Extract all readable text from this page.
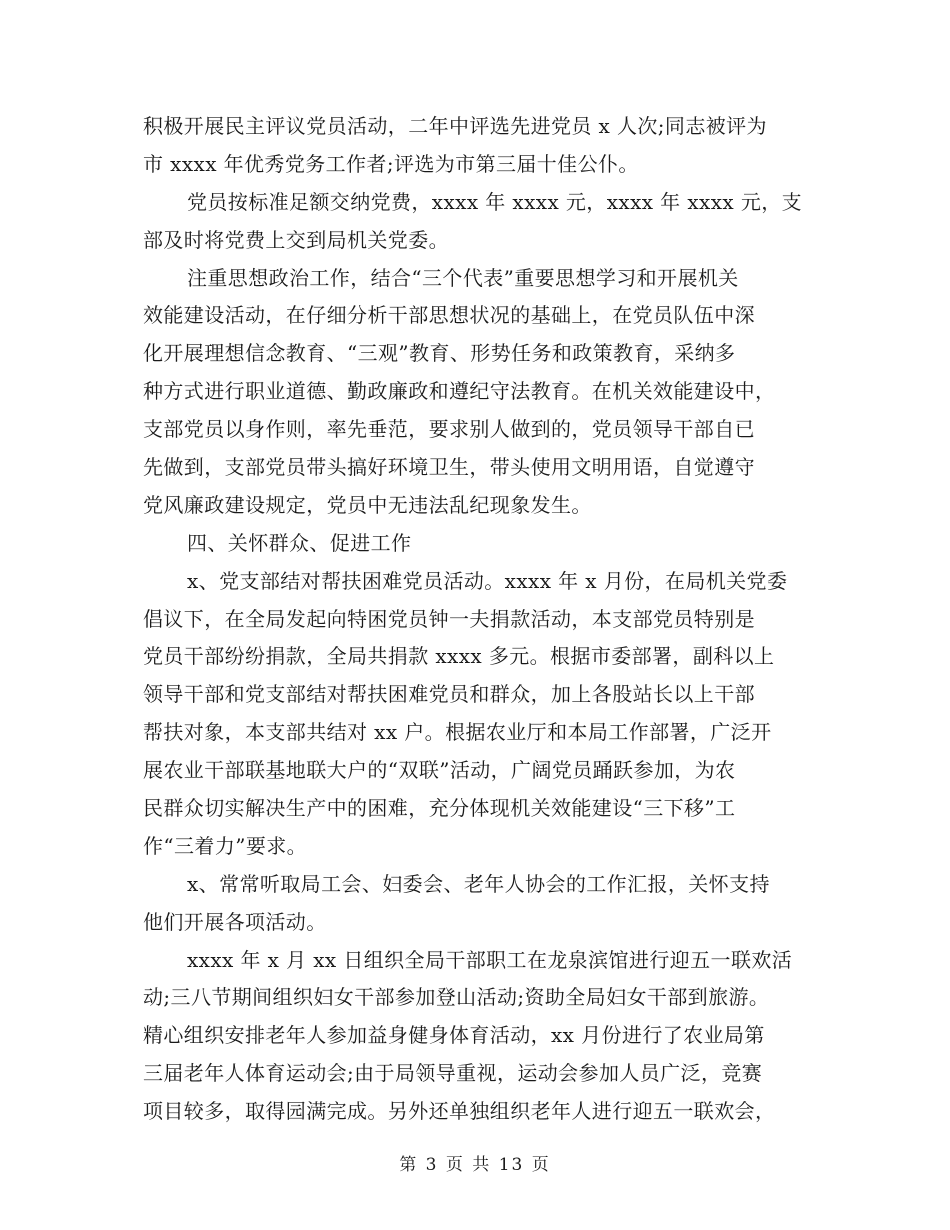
积极开展民主评议党员活动，二年中评选先进党员 x 人次;同志被评为
市 xxxx 年优秀党务工作者;评选为市第三届十佳公仆。
党员按标准足额交纳党费，xxxx 年 xxxx 元，xxxx 年 xxxx 元，支
部及时将党费上交到局机关党委。
注重思想政治工作，结合“三个代表”重要思想学习和开展机关
效能建设活动，在仔细分析干部思想状况的基础上，在党员队伍中深
化开展理想信念教育、“三观”教育、形势任务和政策教育，采纳多
种方式进行职业道德、勤政廉政和遵纪守法教育。在机关效能建设中，
支部党员以身作则，率先垂范，要求别人做到的，党员领导干部自已
先做到，支部党员带头搞好环境卫生，带头使用文明用语，自觉遵守
党风廉政建设规定，党员中无违法乱纪现象发生。
四、关怀群众、促进工作
x、党支部结对帮扶困难党员活动。xxxx 年 x 月份，在局机关党委
倡议下，在全局发起向特困党员钟一夫捐款活动，本支部党员特别是
党员干部纷纷捐款，全局共捐款 xxxx 多元。根据市委部署，副科以上
领导干部和党支部结对帮扶困难党员和群众，加上各股站长以上干部
帮扶对象，本支部共结对 xx 户。根据农业厅和本局工作部署，广泛开
展农业干部联基地联大户的“双联”活动，广阔党员踊跃参加，为农
民群众切实解决生产中的困难，充分体现机关效能建设“三下移”工
作“三着力”要求。
x、常常听取局工会、妇委会、老年人协会的工作汇报，关怀支持
他们开展各项活动。
xxxx 年 x 月 xx 日组织全局干部职工在龙泉滨馆进行迎五一联欢活
动;三八节期间组织妇女干部参加登山活动;资助全局妇女干部到旅游。
精心组织安排老年人参加益身健身体育活动，xx 月份进行了农业局第
三届老年人体育运动会;由于局领导重视，运动会参加人员广泛，竞赛
项目较多，取得园满完成。另外还单独组织老年人进行迎五一联欢会，
第 3 页 共 13 页
